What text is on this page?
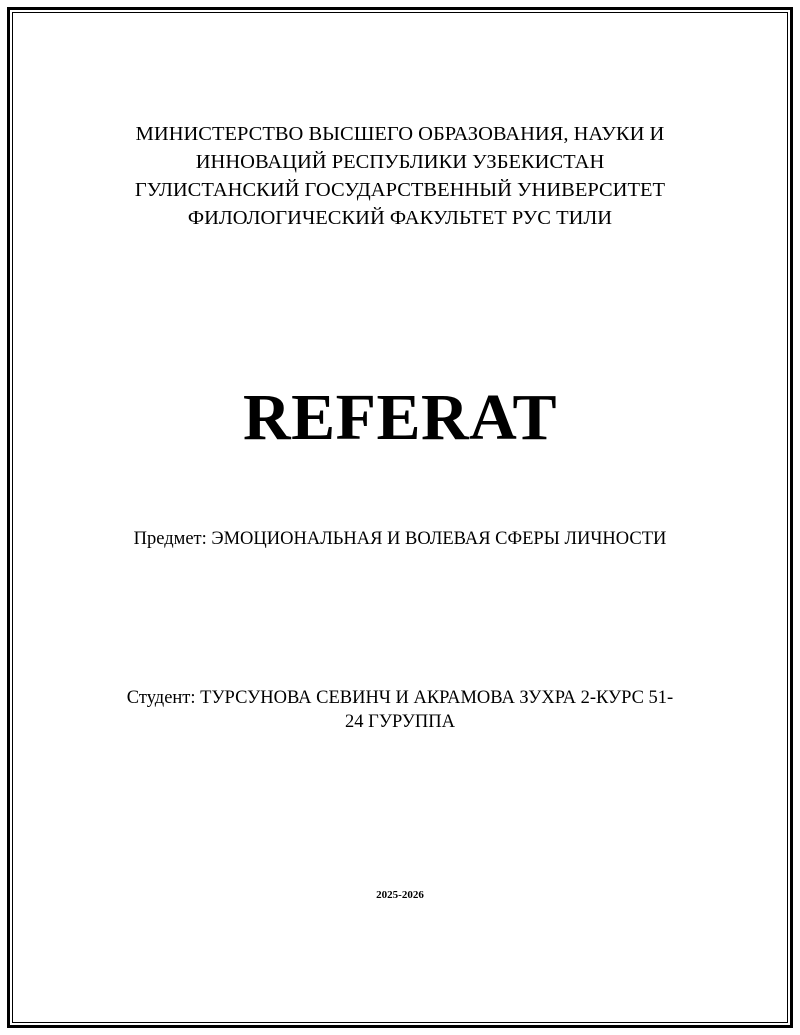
МИНИСТЕРСТВО ВЫСШЕГО ОБРАЗОВАНИЯ, НАУКИ И
ИННОВАЦИЙ РЕСПУБЛИКИ УЗБЕКИСТАН
ГУЛИСТАНСКИЙ ГОСУДАРСТВЕННЫЙ УНИВЕРСИТЕТ
ФИЛОЛОГИЧЕСКИЙ ФАКУЛЬТЕТ РУС ТИЛИ
REFERAT
Предмет: ЭМОЦИОНАЛЬНАЯ И ВОЛЕВАЯ СФЕРЫ ЛИЧНОСТИ
Студент: ТУРСУНОВА СЕВИНЧ И АКРАМОВА ЗУХРА 2-КУРС 51-
24 ГУРУППА
2025-2026
